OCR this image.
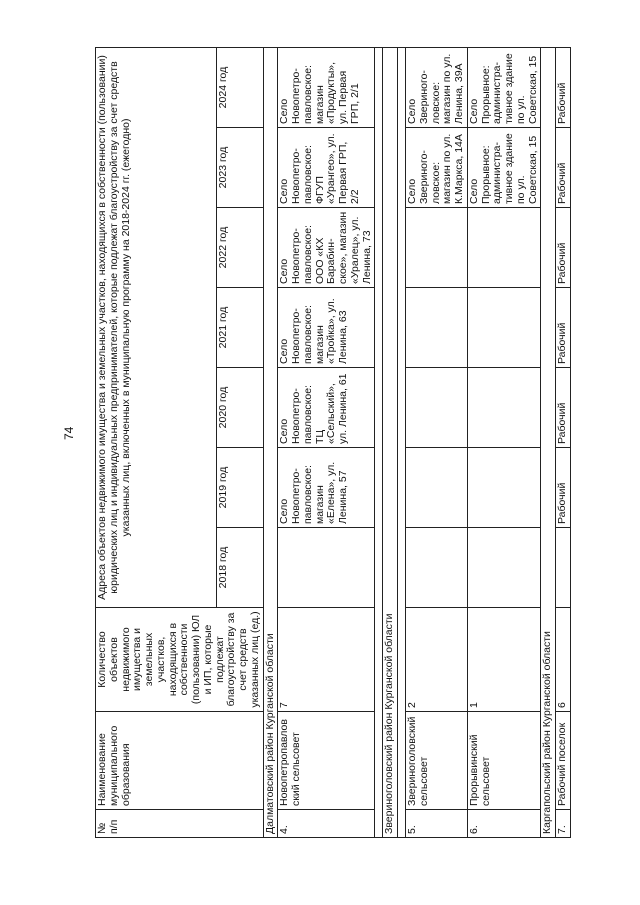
74
№ п/п	Наименование муниципального образования	Количество объектов недвижимого имущества и земельных участков, находящихся в собственности (пользовании) ЮЛ и ИП, которые подлежат благоустройству за счет средств указанных лиц (ед.)	Адреса объектов недвижимого имущества и земельных участков, находящихся в собственности (пользовании) юридических лиц и индивидуальных предпринимателей, которые подлежат благоустройству за счет средств указанных лиц, включенных в муниципальную программу на 2018-2024 гг. (ежегодно)						
			2018 год	2019 год	2020 год	2021 год	2022 год	2023 год	2024 год
Далматовский район Курганской области									
4.	Новопетропавловский сельсовет	7		Село Новопетро-павловское: магазин «Елена», ул. Ленина, 57	Село Новопетро-павловское: ТЦ «Сельский», ул. Ленина, 61	Село Новопетро-павловское: магазин «Тройка», ул. Ленина, 63	Село Новопетро-павловское: ООО «КХ Барабин-ское», магазин «Уралец», ул. Ленина, 73	Село Новопетро-павловское: ФГУП «Урангео», ул. Первая ГРП, 2/2	Село Новопетро-павловское: магазин «Продукты», ул. Первая ГРП, 2/1

Звериноголовский район Курганской области									

5.	Звериноголовский сельсовет	2						Село Звериного-ловское: магазин по ул. К.Маркса, 14А	Село Звериного-ловское: магазин по ул. Ленина, 39А
6.	Прорывинский сельсовет	1						Село Прорывное: администра-тивное здание по ул. Советская, 15	Село Прорывное: администра-тивное здание по ул. Советская, 15
Каргапольский район Курганской области									
7.	Рабочий поселок	6		Рабочий	Рабочий	Рабочий	Рабочий	Рабочий	Рабочий
